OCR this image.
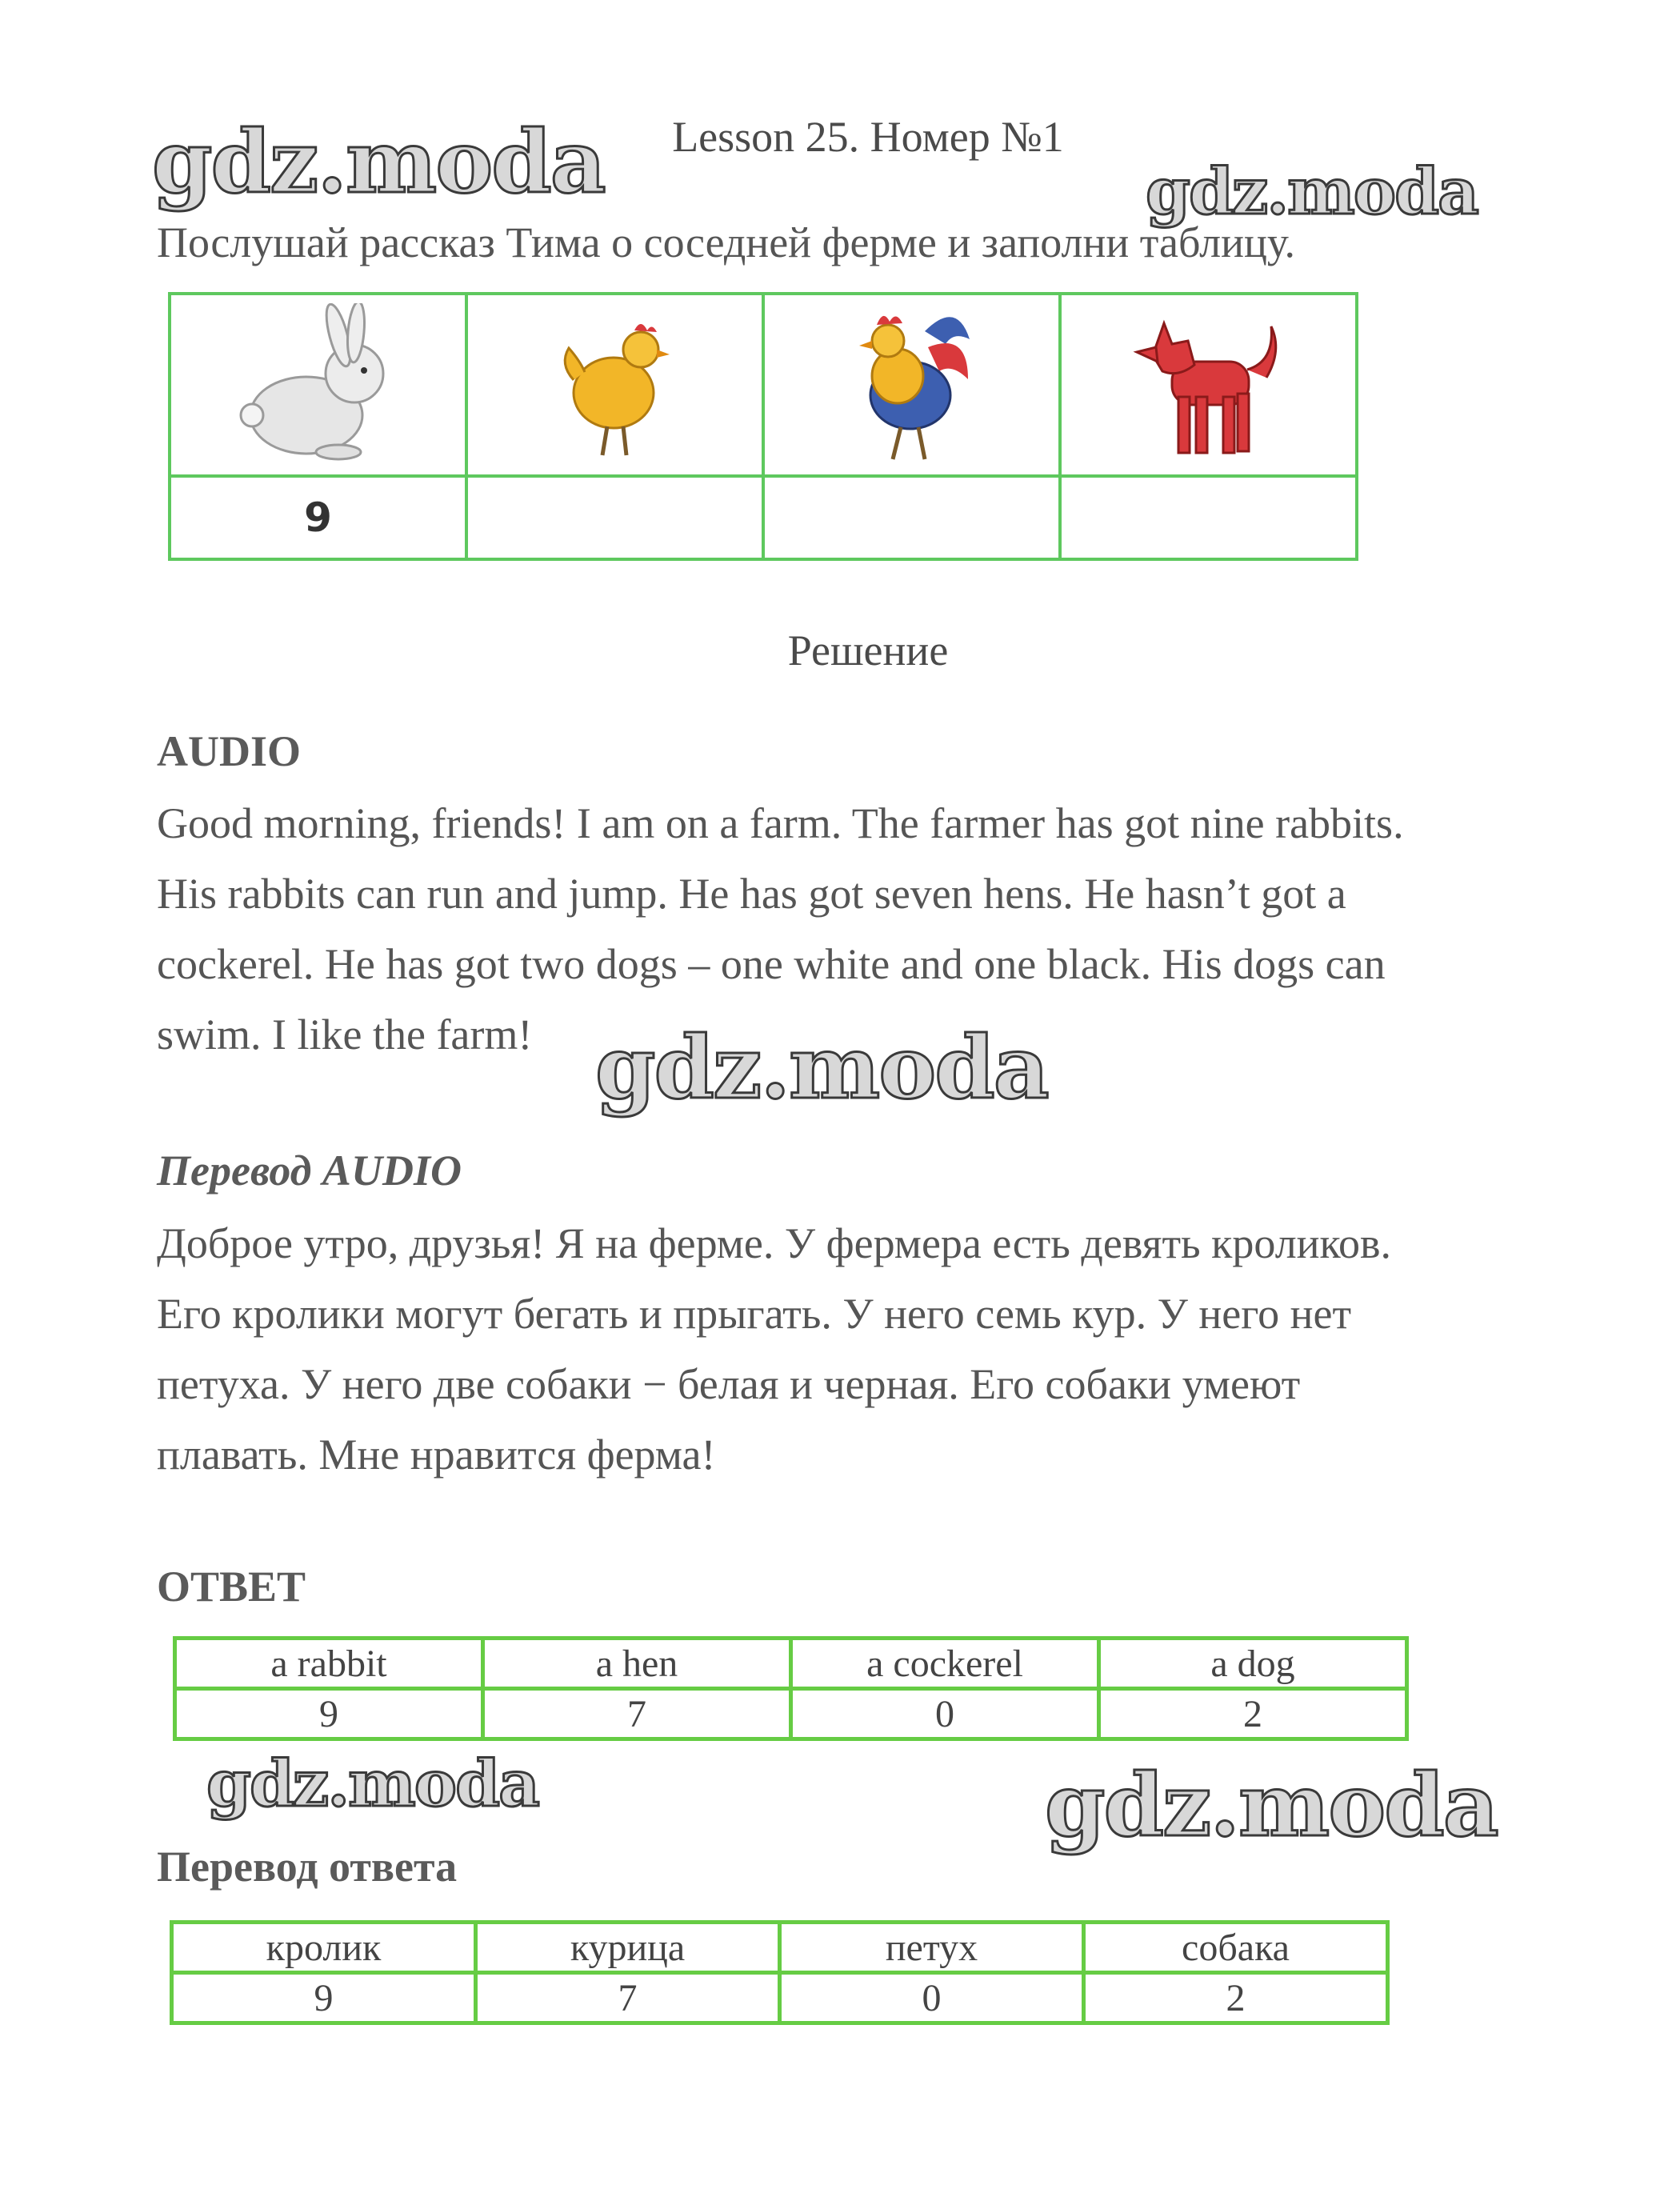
gdz.moda	gdz.moda
gdz.moda
gdz.moda	gdz.moda
Lesson 25. Номер №1
Послушай рассказ Тима о соседней ферме и заполни таблицу.

9			
Решение
AUDIO
Good morning, friends! I am on a farm. The farmer has got nine rabbits.
His rabbits can run and jump. He has got seven hens. He hasn’t got a
cockerel. He has got two dogs – one white and one black. His dogs can
swim. I like the farm!
Перевод AUDIO
Доброе утро, друзья! Я на ферме. У фермера есть девять кроликов.
Его кролики могут бегать и прыгать. У него семь кур. У него нет
петуха. У него две собаки − белая и черная. Его собаки умеют
плавать. Мне нравится ферма!
ОТВЕТ
a rabbit	a hen	a cockerel	a dog
9	7	0	2
Перевод ответа
кролик	курица	петух	собака
9	7	0	2
